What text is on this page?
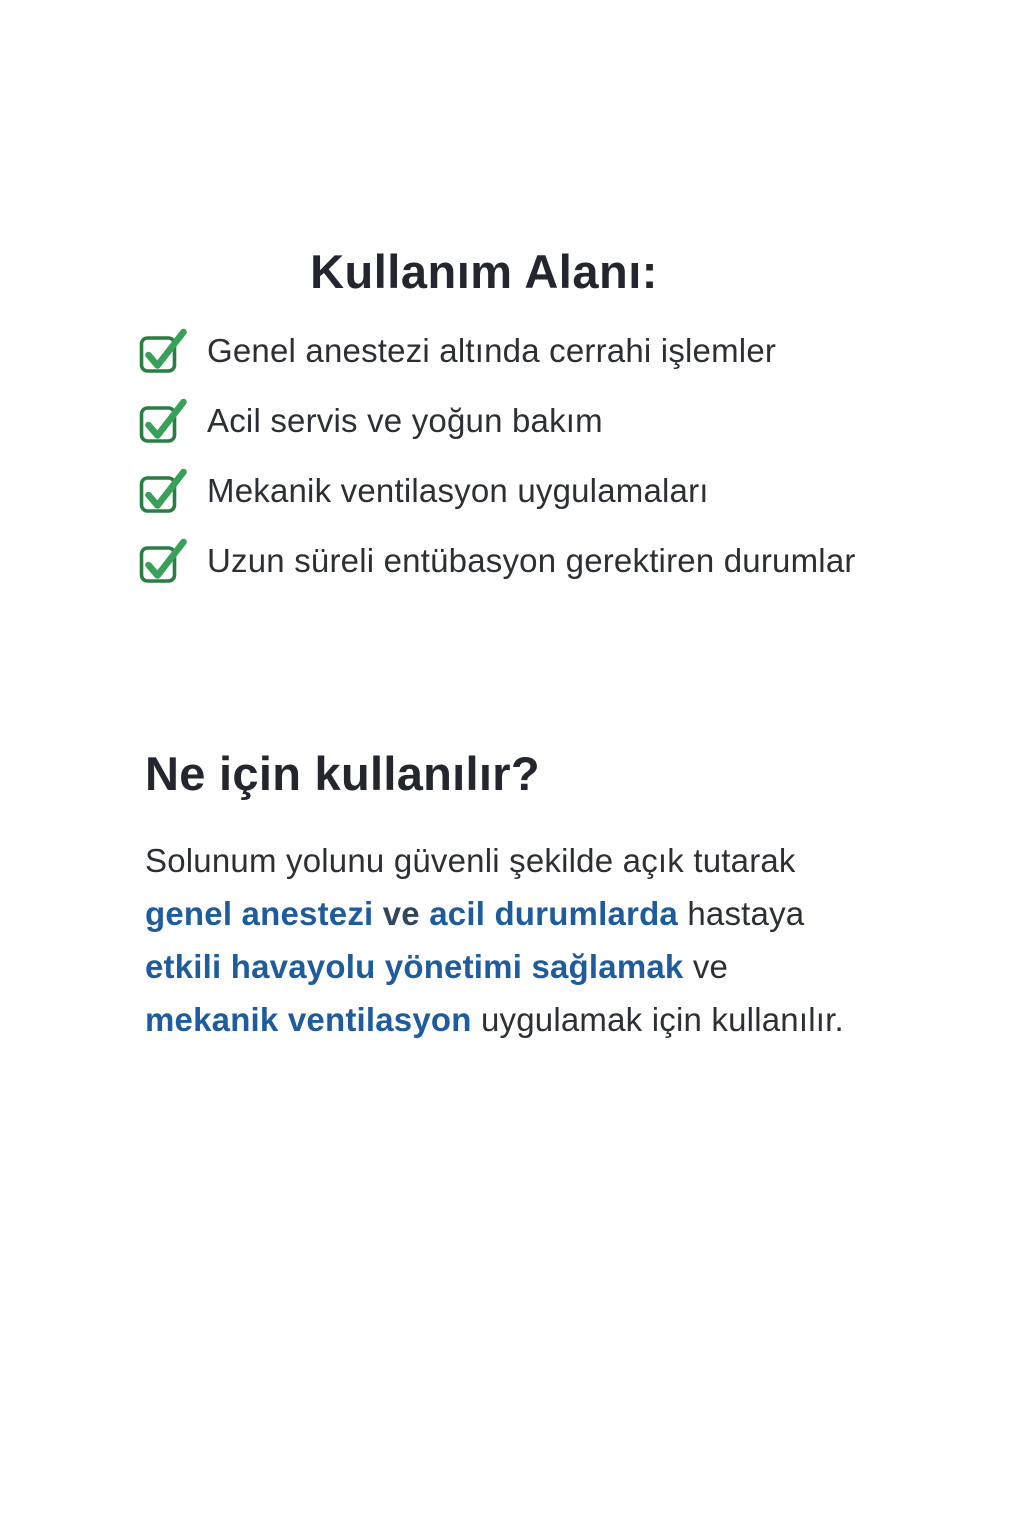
Kullanım Alanı:
Genel anestezi altında cerrahi işlemler
Acil servis ve yoğun bakım
Mekanik ventilasyon uygulamaları
Uzun süreli entübasyon gerektiren durumlar
Ne için kullanılır?

Solunum yolunu güvenli şekilde açık tutarak
genel anestezi ve acil durumlarda hastaya
etkili havayolu yönetimi sağlamak ve
mekanik ventilasyon uygulamak için kullanılır.
